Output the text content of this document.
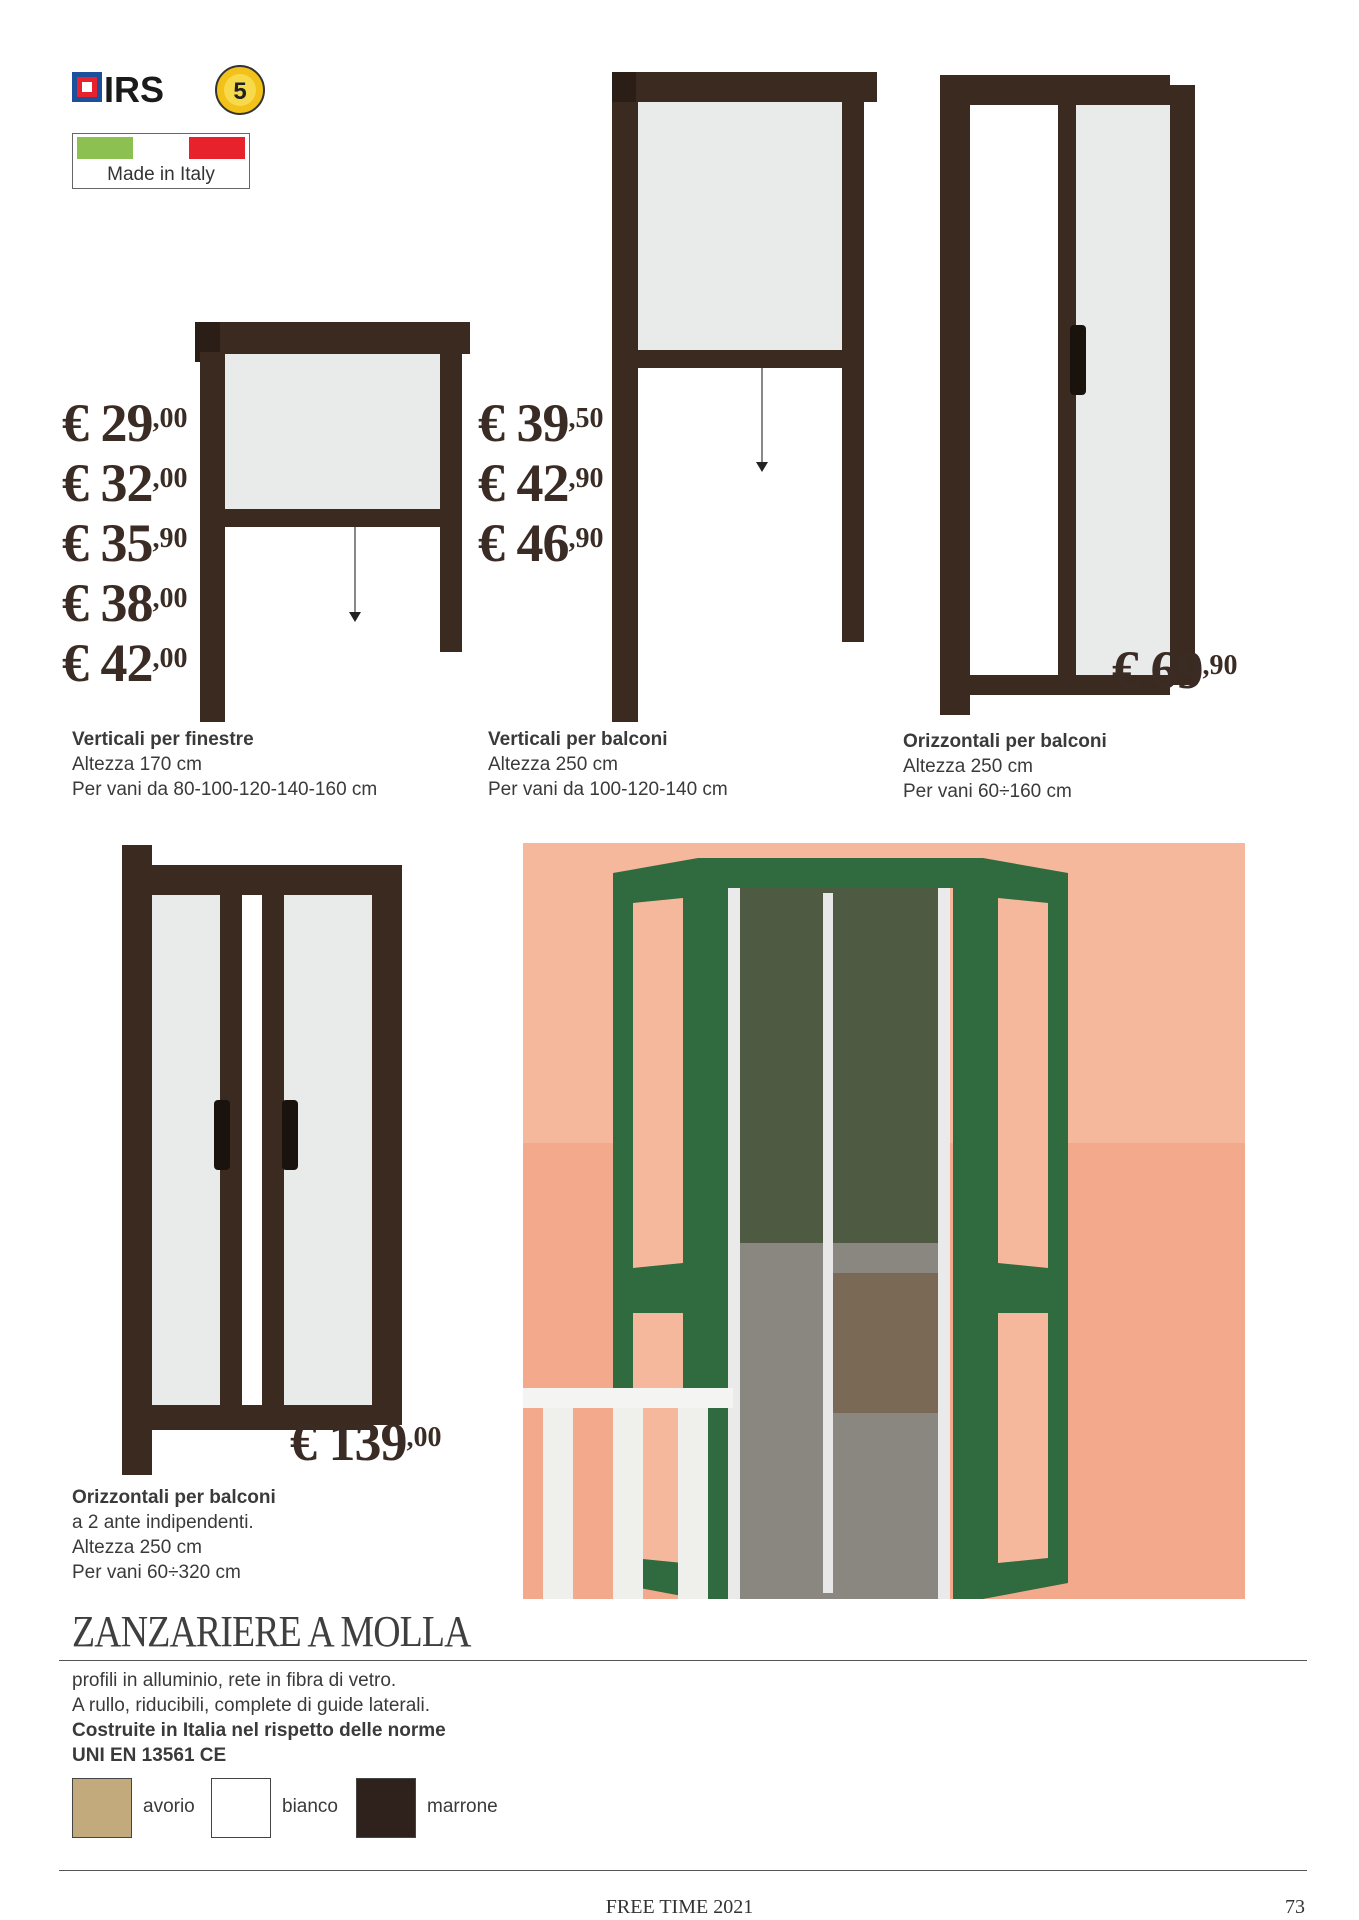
IRS	5
Made in Italy
€ $29^{,00}$
€ $32^{,00}$
€ $35^{,90}$
€ $38^{,00}$
€ $42^{,00}$
€ $39^{,50}$
€ $42^{,90}$
€ $46^{,90}$
€ $69^{,90}$
€ $139^{,00}$
Verticali per finestre
Altezza 170 cm
Per vani da 80-100-120-140-160 cm
Verticali per balconi
Altezza 250 cm
Per vani da 100-120-140 cm
Orizzontali per balconi
Altezza 250 cm
Per vani 60÷160 cm
Orizzontali per balconi
a 2 ante indipendenti.
Altezza 250 cm
Per vani 60÷320 cm
ZANZARIERE A MOLLA
profili in alluminio, rete in fibra di vetro.
A rullo, riducibili, complete di guide laterali.
Costruite in Italia nel rispetto delle norme
UNI EN 13561 CE
avorio	bianco	marrone
FREE TIME 2021	73
